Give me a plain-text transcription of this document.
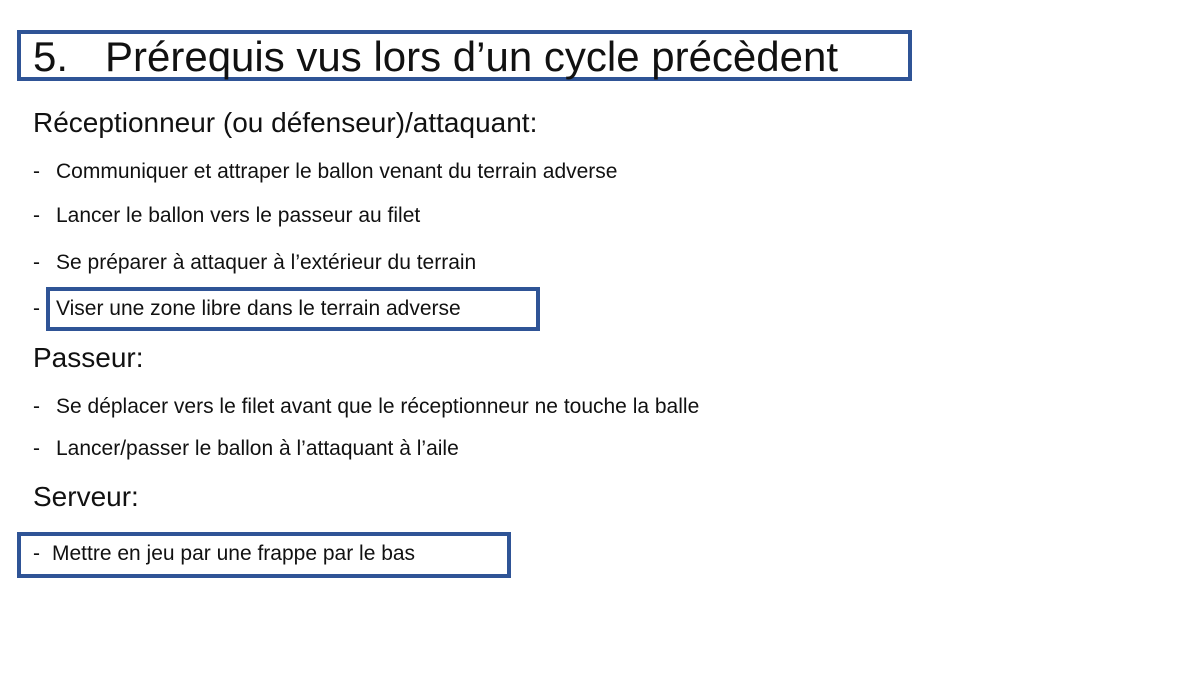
5. Prérequis vus lors d’un cycle précèdent
Réceptionneur (ou défenseur)/attaquant:
- Communiquer et attraper le ballon venant du terrain adverse
- Lancer le ballon vers le passeur au filet
- Se préparer à attaquer à l’extérieur du terrain
- Viser une zone libre dans le terrain adverse
Passeur:
- Se déplacer vers le filet avant que le réceptionneur ne touche la balle
- Lancer/passer le ballon à l’attaquant à l’aile
Serveur:
- Mettre en jeu par une frappe par le bas
